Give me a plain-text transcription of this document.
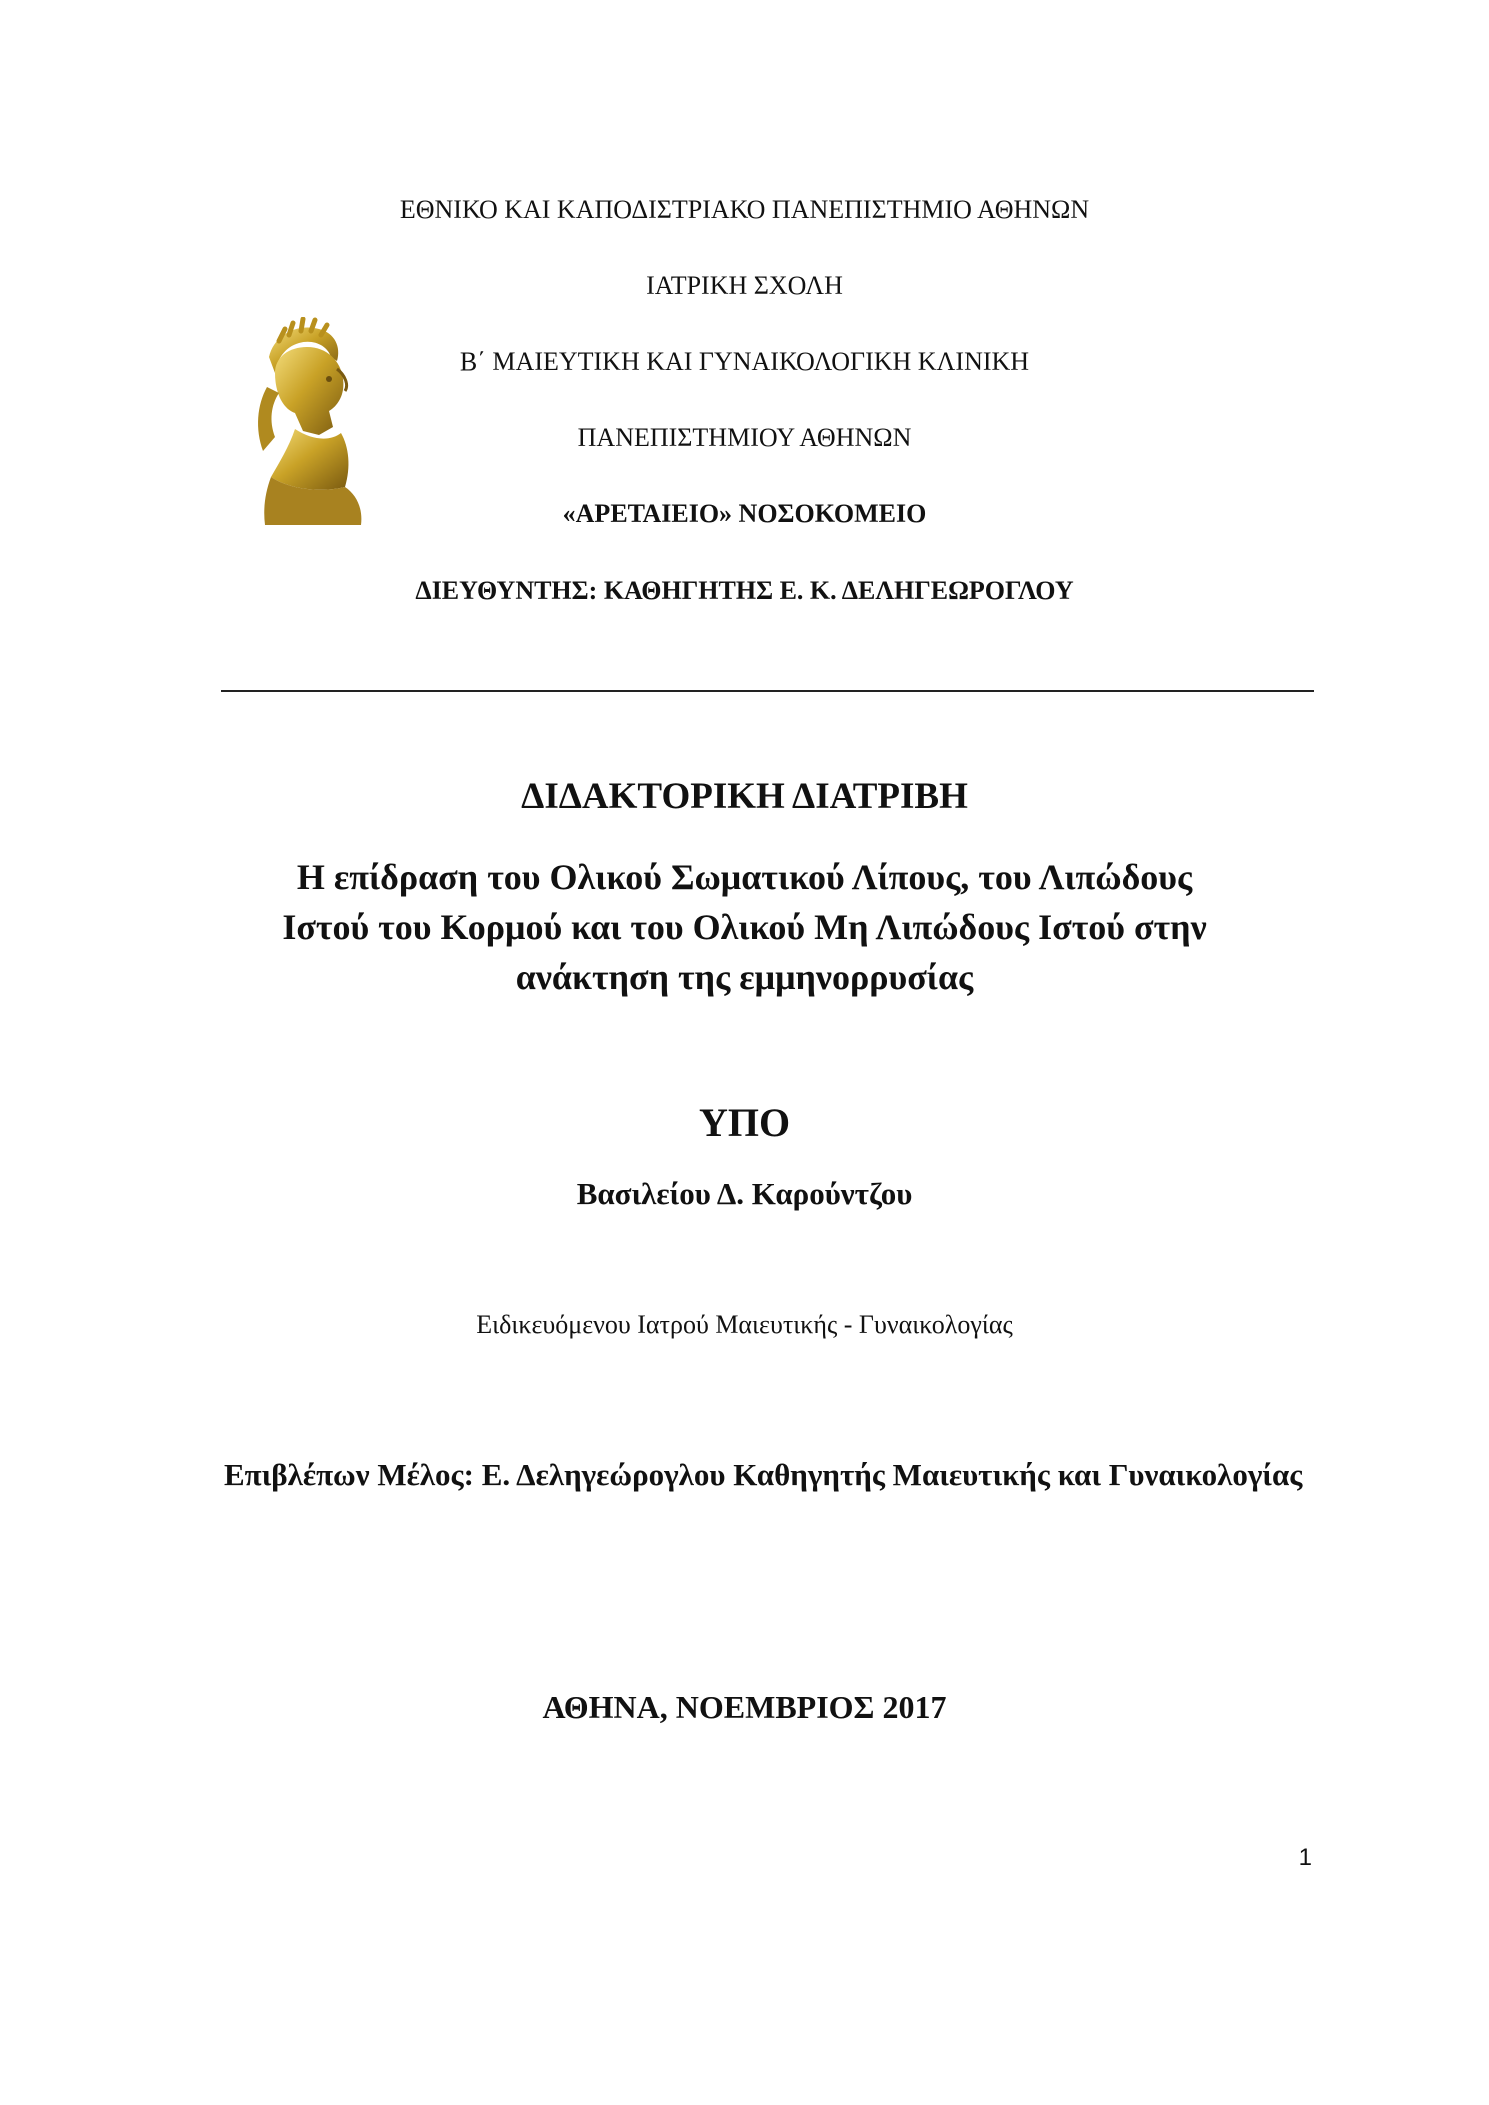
ΕΘΝΙΚΟ ΚΑΙ ΚΑΠΟΔΙΣΤΡΙΑΚΟ ΠΑΝΕΠΙΣΤΗΜΙΟ ΑΘΗΝΩΝ
ΙΑΤΡΙΚΗ ΣΧΟΛΗ
Β΄ ΜΑΙΕΥΤΙΚΗ ΚΑΙ ΓΥΝΑΙΚΟΛΟΓΙΚΗ ΚΛΙΝΙΚΗ
ΠΑΝΕΠΙΣΤΗΜΙΟΥ ΑΘΗΝΩΝ
«ΑΡΕΤΑΙΕΙΟ» ΝΟΣΟΚΟΜΕΙΟ
ΔΙΕΥΘΥΝΤΗΣ: ΚΑΘΗΓΗΤΗΣ Ε. Κ. ΔΕΛΗΓΕΩΡΟΓΛΟΥ
ΔΙΔΑΚΤΟΡΙΚΗ ΔΙΑΤΡΙΒΗ
Η επίδραση του Ολικού Σωματικού Λίπους, του Λιπώδους
Ιστού του Κορμού και του Ολικού Μη Λιπώδους Ιστού στην
ανάκτηση της εμμηνορρυσίας
ΥΠΟ
Βασιλείου Δ. Καρούντζου
Ειδικευόμενου Ιατρού Μαιευτικής - Γυναικολογίας
Επιβλέπων Μέλος: Ε. Δεληγεώρογλου Καθηγητής Μαιευτικής και Γυναικολογίας
ΑΘΗΝΑ, ΝΟΕΜΒΡΙΟΣ 2017
1
